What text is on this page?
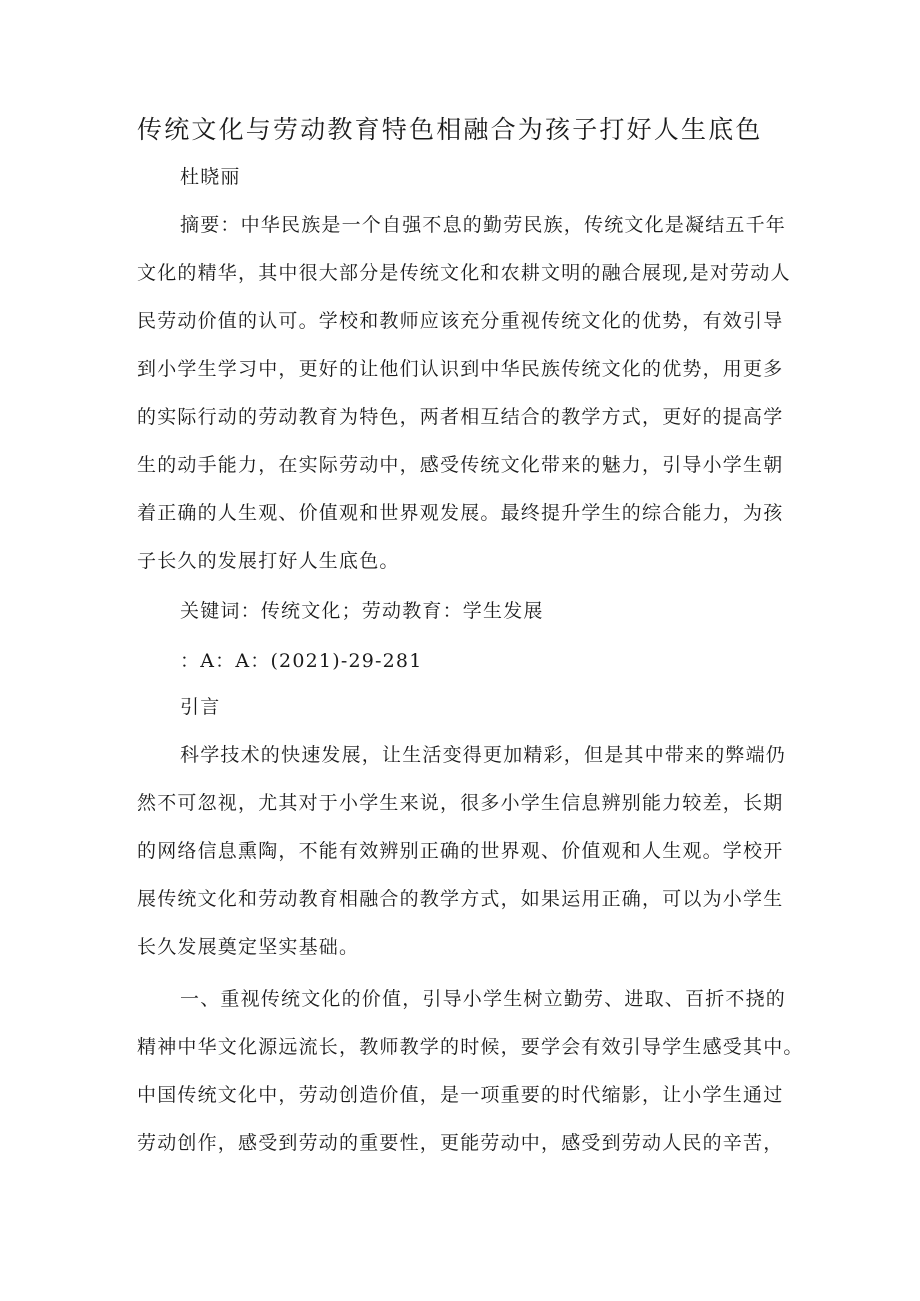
传统文化与劳动教育特色相融合为孩子打好人生底色
杜晓丽
摘要：中华民族是一个自强不息的勤劳民族，传统文化是凝结五千年
文化的精华，其中很大部分是传统文化和农耕文明的融合展现,是对劳动人
民劳动价值的认可。学校和教师应该充分重视传统文化的优势，有效引导
到小学生学习中，更好的让他们认识到中华民族传统文化的优势，用更多
的实际行动的劳动教育为特色，两者相互结合的教学方式，更好的提高学
生的动手能力，在实际劳动中，感受传统文化带来的魅力，引导小学生朝
着正确的人生观、价值观和世界观发展。最终提升学生的综合能力，为孩
子长久的发展打好人生底色。
关键词：传统文化；劳动教育：学生发展
：A：A：(2021)-29-281
引言
科学技术的快速发展，让生活变得更加精彩，但是其中带来的弊端仍
然不可忽视，尤其对于小学生来说，很多小学生信息辨别能力较差，长期
的网络信息熏陶，不能有效辨别正确的世界观、价值观和人生观。学校开
展传统文化和劳动教育相融合的教学方式，如果运用正确，可以为小学生
长久发展奠定坚实基础。
一、重视传统文化的价值，引导小学生树立勤劳、进取、百折不挠的
精神中华文化源远流长，教师教学的时候，要学会有效引导学生感受其中。
中国传统文化中，劳动创造价值，是一项重要的时代缩影，让小学生通过
劳动创作，感受到劳动的重要性，更能劳动中，感受到劳动人民的辛苦，
